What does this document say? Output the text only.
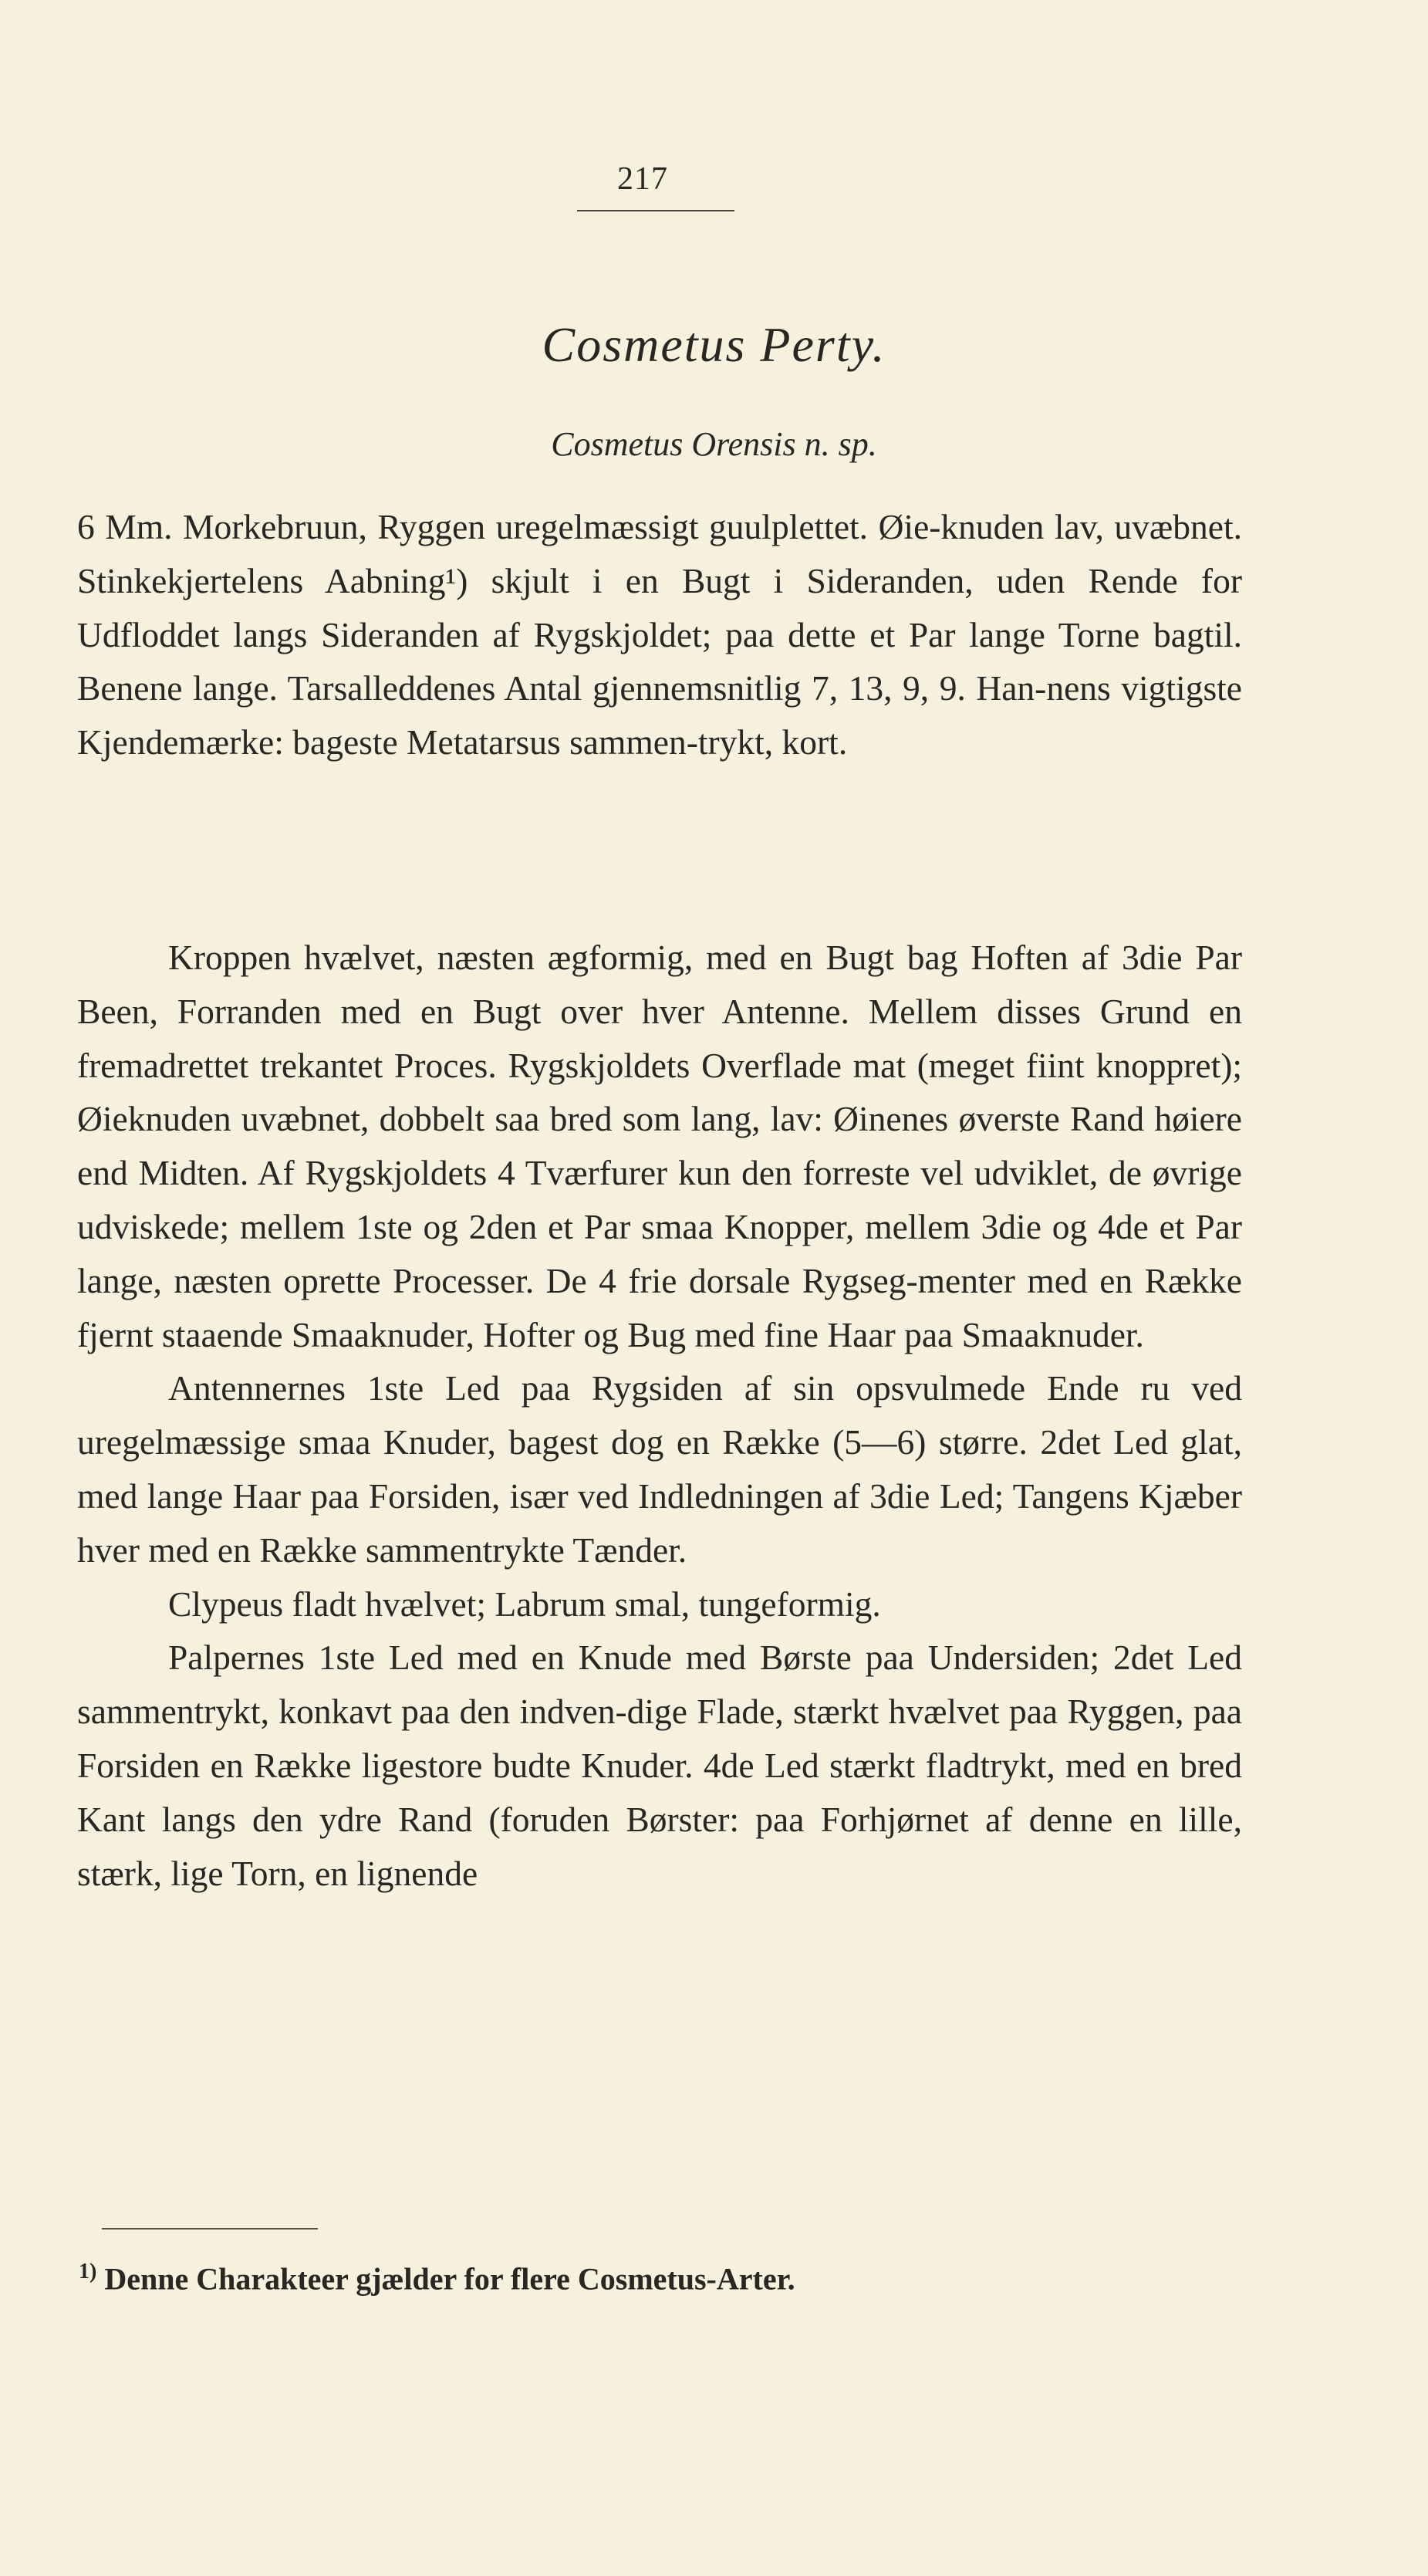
217
Cosmetus Perty.
Cosmetus Orensis n. sp.

6 Mm. Morkebruun, Ryggen uregelmæssigt guulplettet. Øie-knuden lav, uvæbnet. Stinkekjertelens Aabning¹) skjult i en Bugt i Sideranden, uden Rende for Udfloddet langs Sideranden af Rygskjoldet; paa dette et Par lange Torne bagtil. Benene lange. Tarsalleddenes Antal gjennemsnitlig 7, 13, 9, 9. Han-nens vigtigste Kjendemærke: bageste Metatarsus sammen-trykt, kort.

Kroppen hvælvet, næsten ægformig, med en Bugt bag Hoften af 3die Par Been, Forranden med en Bugt over hver Antenne. Mellem disses Grund en fremadrettet trekantet Proces. Rygskjoldets Overflade mat (meget fiint knoppret); Øieknuden uvæbnet, dobbelt saa bred som lang, lav: Øinenes øverste Rand høiere end Midten. Af Rygskjoldets 4 Tværfurer kun den forreste vel udviklet, de øvrige udviskede; mellem 1ste og 2den et Par smaa Knopper, mellem 3die og 4de et Par lange, næsten oprette Processer. De 4 frie dorsale Rygseg-menter med en Række fjernt staaende Smaaknuder, Hofter og Bug med fine Haar paa Smaaknuder.

Antennernes 1ste Led paa Rygsiden af sin opsvulmede Ende ru ved uregelmæssige smaa Knuder, bagest dog en Række (5—6) større. 2det Led glat, med lange Haar paa Forsiden, især ved Indledningen af 3die Led; Tangens Kjæber hver med en Række sammentrykte Tænder.

Clypeus fladt hvælvet; Labrum smal, tungeformig.

Palpernes 1ste Led med en Knude med Børste paa Undersiden; 2det Led sammentrykt, konkavt paa den indven-dige Flade, stærkt hvælvet paa Ryggen, paa Forsiden en Række ligestore budte Knuder. 4de Led stærkt fladtrykt, med en bred Kant langs den ydre Rand (foruden Børster: paa Forhjørnet af denne en lille, stærk, lige Torn, en lignende

$^{1)}$ Denne Charakteer gjælder for flere Cosmetus-Arter.
